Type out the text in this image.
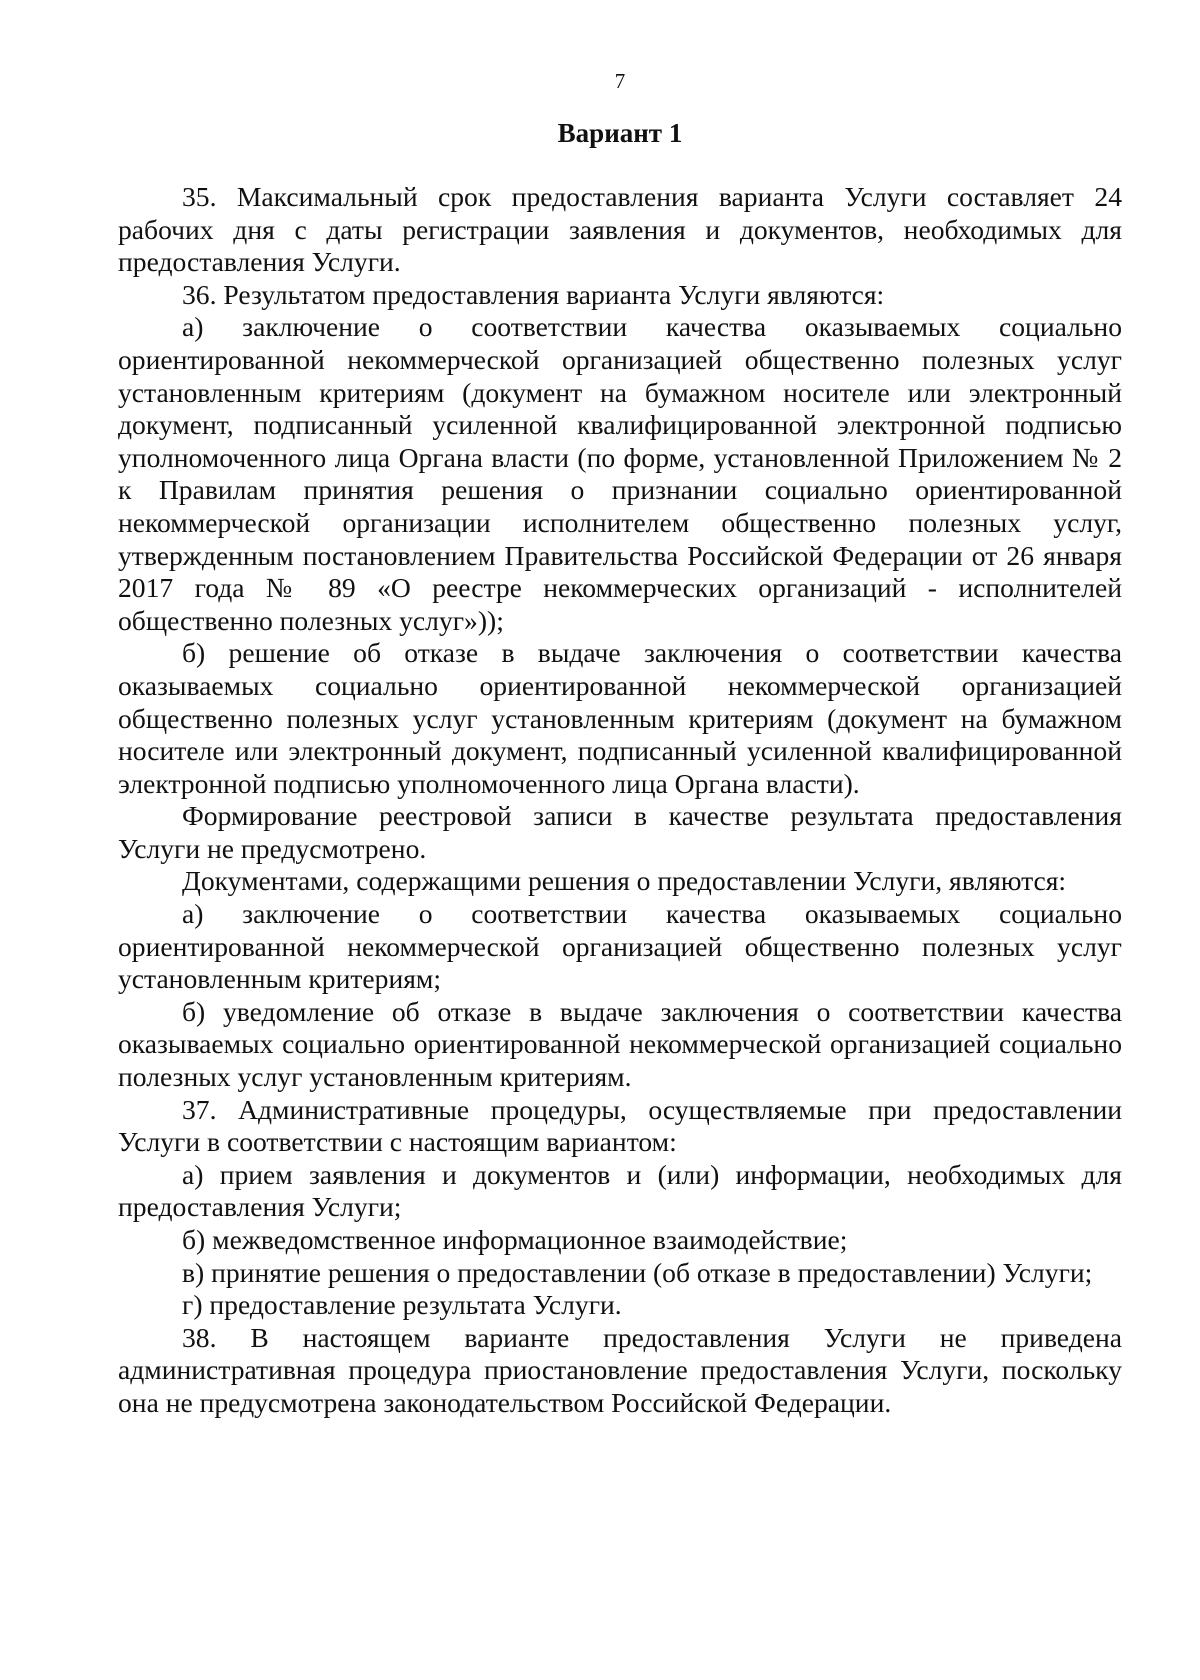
7
Вариант 1

35. Максимальный срок предоставления варианта Услуги составляет 24 рабочих дня с даты регистрации заявления и документов, необходимых для предоставления Услуги.

36. Результатом предоставления варианта Услуги являются:

а) заключение о соответствии качества оказываемых социально ориентированной некоммерческой организацией общественно полезных услуг установленным критериям (документ на бумажном носителе или электронный документ, подписанный усиленной квалифицированной электронной подписью уполномоченного лица Органа власти (по форме, установленной Приложением № 2 к Правилам принятия решения о признании социально ориентированной некоммерческой организации исполнителем общественно полезных услуг, утвержденным постановлением Правительства Российской Федерации от 26 января 2017 года № 89 «О реестре некоммерческих организаций - исполнителей общественно полезных услуг»));

б) решение об отказе в выдаче заключения о соответствии качества оказываемых социально ориентированной некоммерческой организацией общественно полезных услуг установленным критериям (документ на бумажном носителе или электронный документ, подписанный усиленной квалифицированной электронной подписью уполномоченного лица Органа власти).

Формирование реестровой записи в качестве результата предоставления Услуги не предусмотрено.

Документами, содержащими решения о предоставлении Услуги, являются:

а) заключение о соответствии качества оказываемых социально ориентированной некоммерческой организацией общественно полезных услуг установленным критериям;

б) уведомление об отказе в выдаче заключения о соответствии качества оказываемых социально ориентированной некоммерческой организацией социально полезных услуг установленным критериям.

37. Административные процедуры, осуществляемые при предоставлении Услуги в соответствии с настоящим вариантом:

а) прием заявления и документов и (или) информации, необходимых для предоставления Услуги;

б) межведомственное информационное взаимодействие;

в) принятие решения о предоставлении (об отказе в предоставлении) Услуги;

г) предоставление результата Услуги.

38. В настоящем варианте предоставления Услуги не приведена административная процедура приостановление предоставления Услуги, поскольку она не предусмотрена законодательством Российской Федерации.
